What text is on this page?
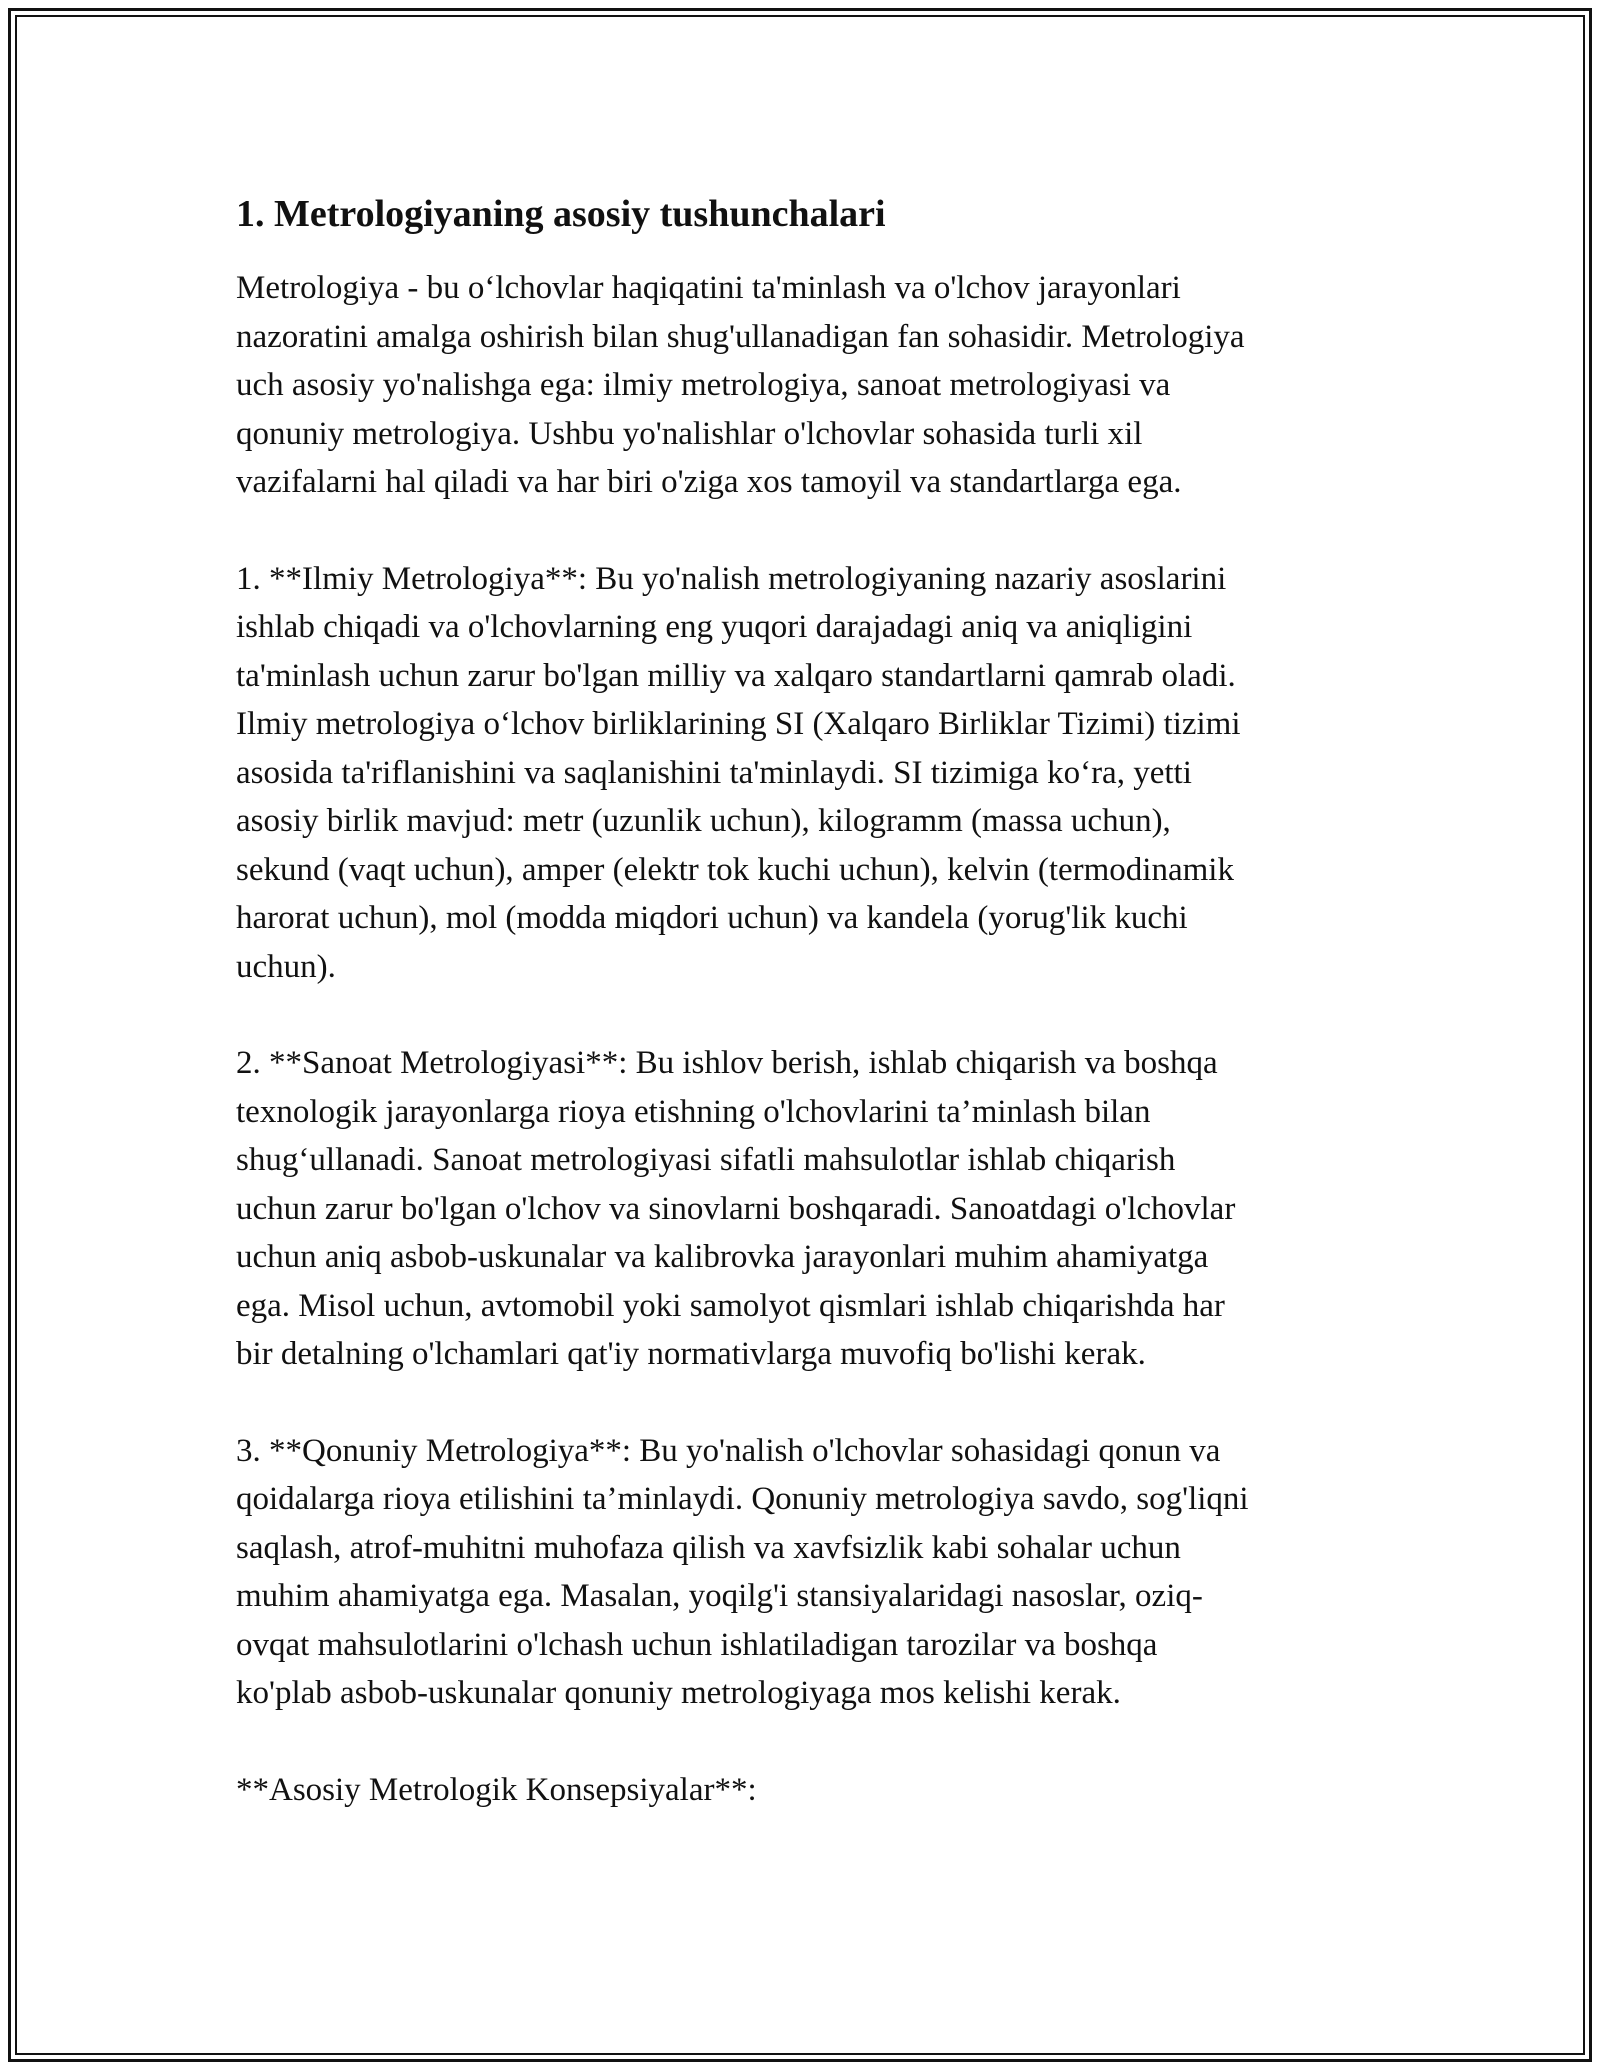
1. Metrologiyaning asosiy tushunchalari

Metrologiya - bu o‘lchovlar haqiqatini ta'minlash va o'lchov jarayonlari
nazoratini amalga oshirish bilan shug'ullanadigan fan sohasidir. Metrologiya
uch asosiy yo'nalishga ega: ilmiy metrologiya, sanoat metrologiyasi va
qonuniy metrologiya. Ushbu yo'nalishlar o'lchovlar sohasida turli xil
vazifalarni hal qiladi va har biri o'ziga xos tamoyil va standartlarga ega.

1. **Ilmiy Metrologiya**: Bu yo'nalish metrologiyaning nazariy asoslarini
ishlab chiqadi va o'lchovlarning eng yuqori darajadagi aniq va aniqligini
ta'minlash uchun zarur bo'lgan milliy va xalqaro standartlarni qamrab oladi.
Ilmiy metrologiya o‘lchov birliklarining SI (Xalqaro Birliklar Tizimi) tizimi
asosida ta'riflanishini va saqlanishini ta'minlaydi. SI tizimiga ko‘ra, yetti
asosiy birlik mavjud: metr (uzunlik uchun), kilogramm (massa uchun),
sekund (vaqt uchun), amper (elektr tok kuchi uchun), kelvin (termodinamik
harorat uchun), mol (modda miqdori uchun) va kandela (yorug'lik kuchi
uchun).

2. **Sanoat Metrologiyasi**: Bu ishlov berish, ishlab chiqarish va boshqa
texnologik jarayonlarga rioya etishning o'lchovlarini ta’minlash bilan
shug‘ullanadi. Sanoat metrologiyasi sifatli mahsulotlar ishlab chiqarish
uchun zarur bo'lgan o'lchov va sinovlarni boshqaradi. Sanoatdagi o'lchovlar
uchun aniq asbob-uskunalar va kalibrovka jarayonlari muhim ahamiyatga
ega. Misol uchun, avtomobil yoki samolyot qismlari ishlab chiqarishda har
bir detalning o'lchamlari qat'iy normativlarga muvofiq bo'lishi kerak.

3. **Qonuniy Metrologiya**: Bu yo'nalish o'lchovlar sohasidagi qonun va
qoidalarga rioya etilishini ta’minlaydi. Qonuniy metrologiya savdo, sog'liqni
saqlash, atrof-muhitni muhofaza qilish va xavfsizlik kabi sohalar uchun
muhim ahamiyatga ega. Masalan, yoqilg'i stansiyalaridagi nasoslar, oziq-
ovqat mahsulotlarini o'lchash uchun ishlatiladigan tarozilar va boshqa
ko'plab asbob-uskunalar qonuniy metrologiyaga mos kelishi kerak.

**Asosiy Metrologik Konsepsiyalar**:
